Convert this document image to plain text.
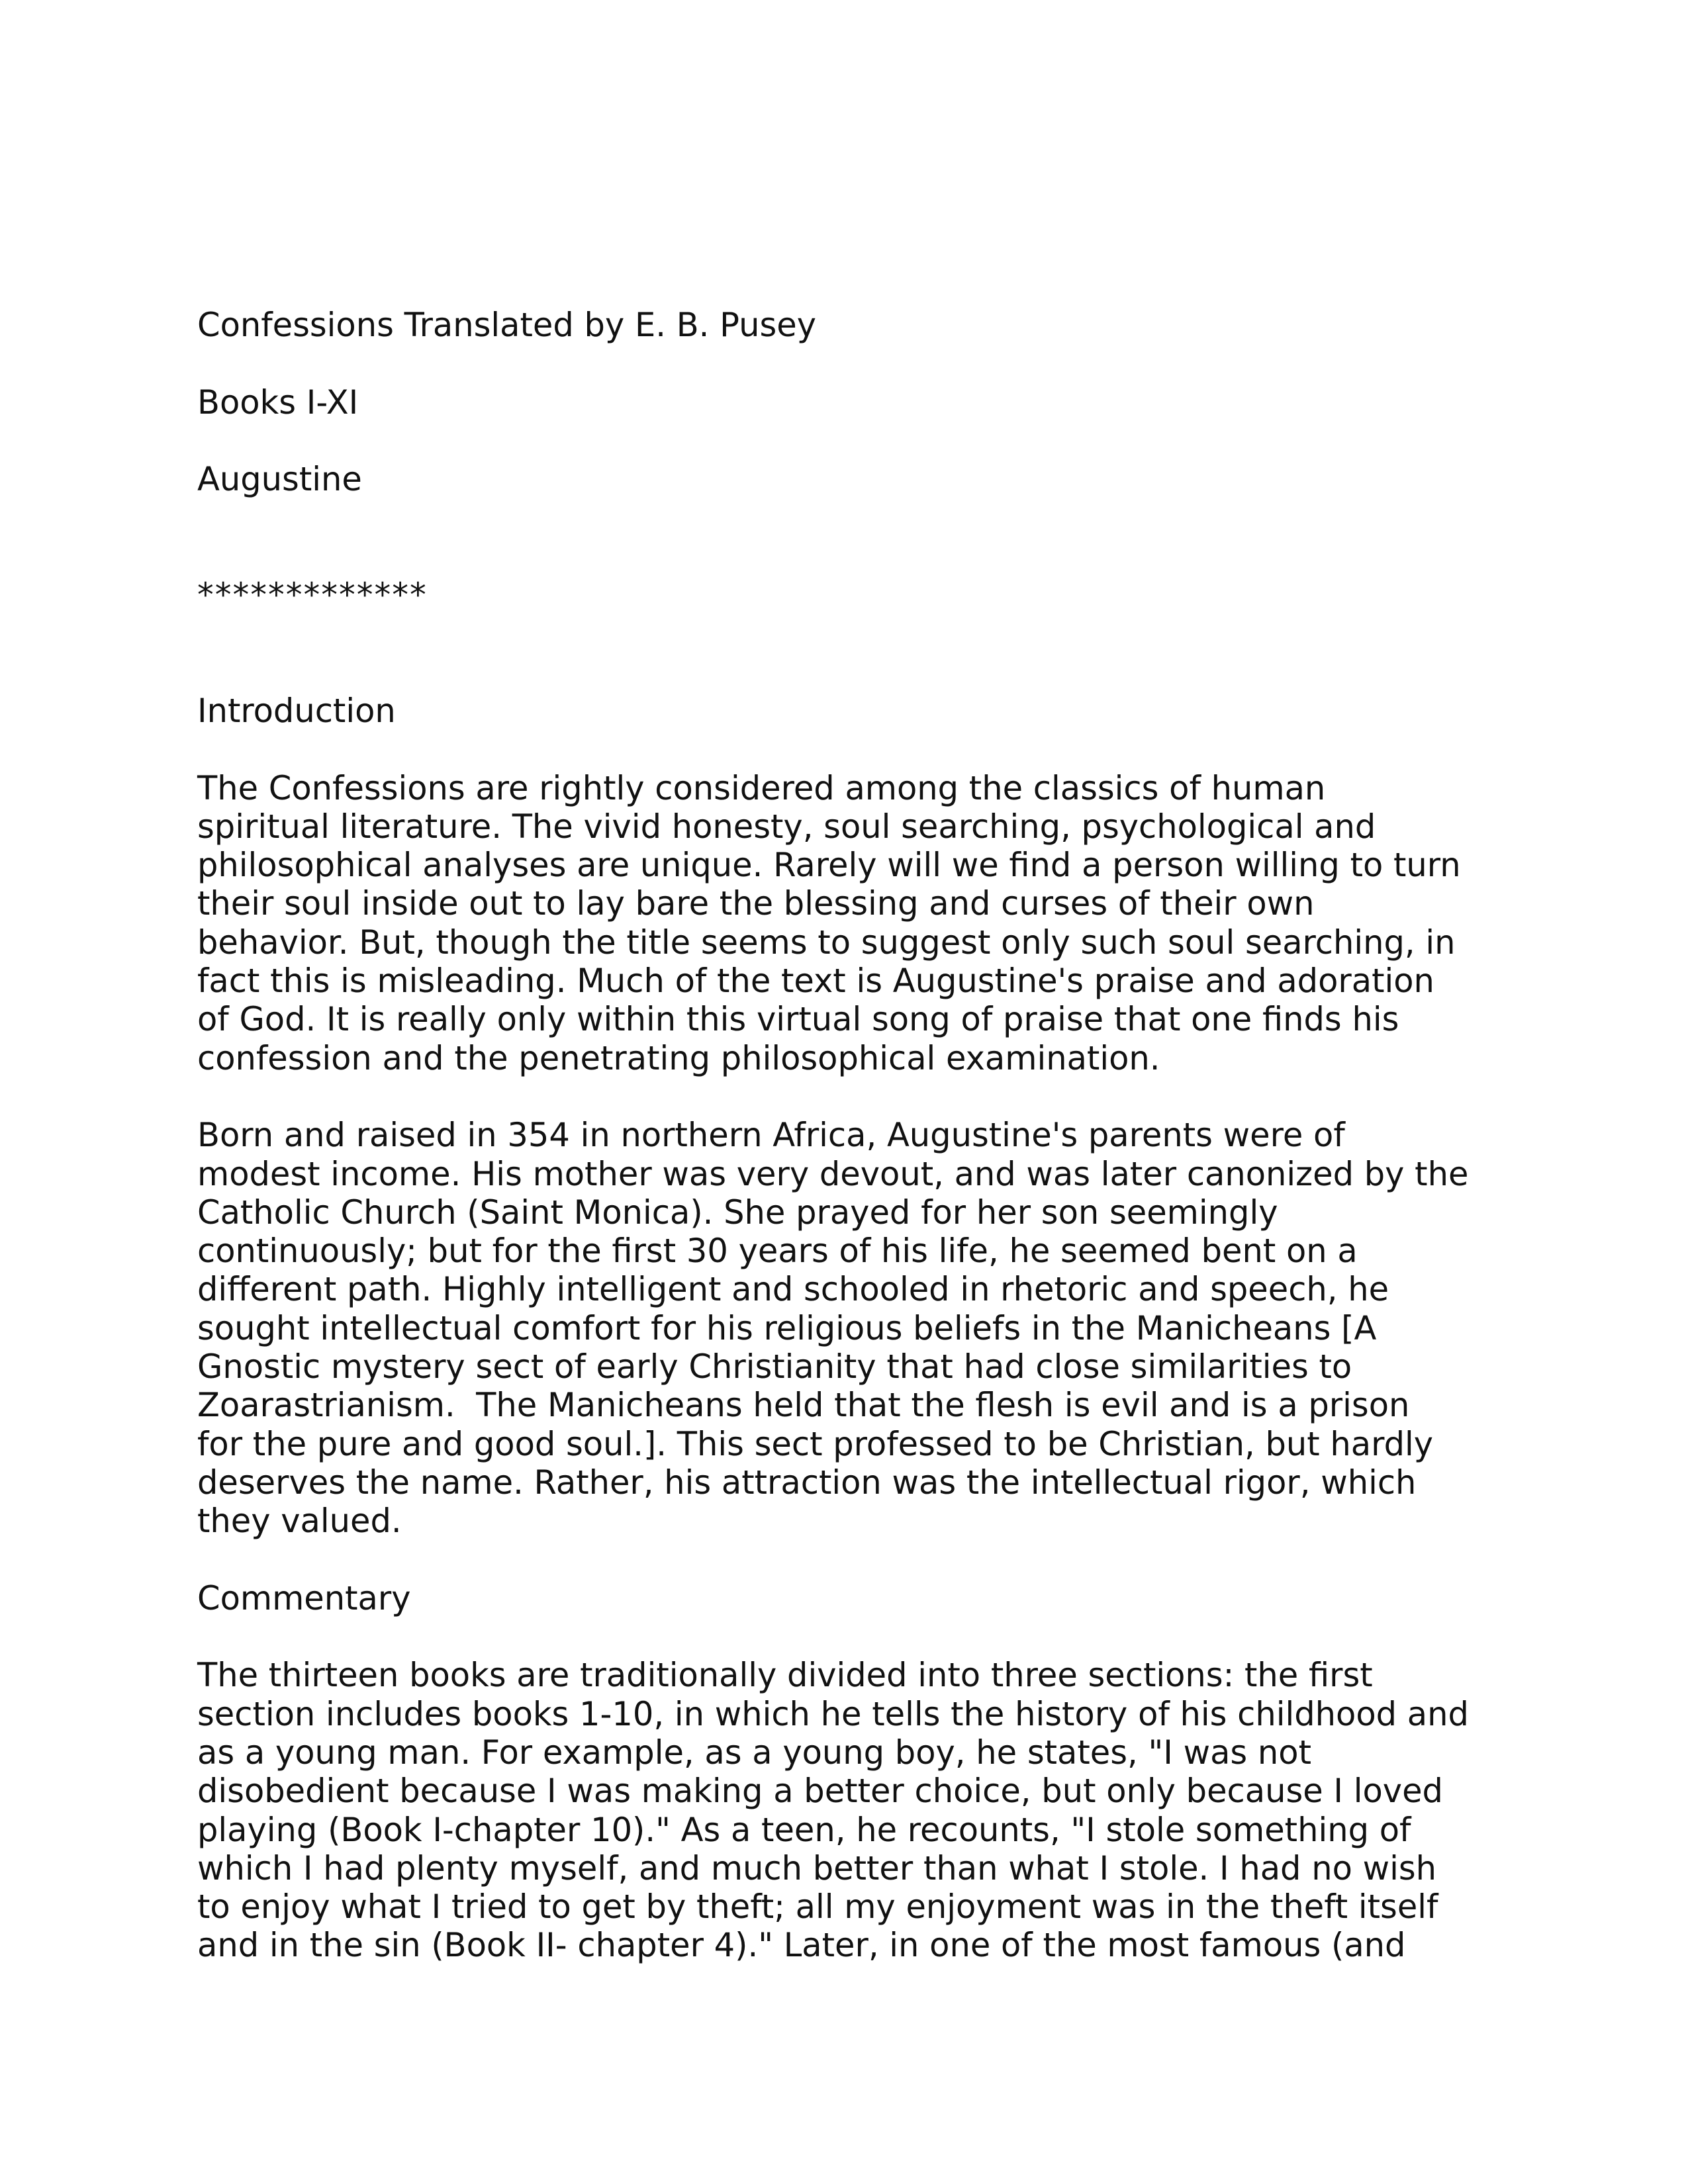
Confessions Translated by E. B. Pusey
Books I-XI
Augustine
*************
Introduction
The Confessions are rightly considered among the classics of human
spiritual literature. The vivid honesty, soul searching, psychological and
philosophical analyses are unique. Rarely will we find a person willing to turn
their soul inside out to lay bare the blessing and curses of their own
behavior. But, though the title seems to suggest only such soul searching, in
fact this is misleading. Much of the text is Augustine's praise and adoration
of God. It is really only within this virtual song of praise that one finds his
confession and the penetrating philosophical examination.
Born and raised in 354 in northern Africa, Augustine's parents were of
modest income. His mother was very devout, and was later canonized by the
Catholic Church (Saint Monica). She prayed for her son seemingly
continuously; but for the first 30 years of his life, he seemed bent on a
different path. Highly intelligent and schooled in rhetoric and speech, he
sought intellectual comfort for his religious beliefs in the Manicheans [A
Gnostic mystery sect of early Christianity that had close similarities to
Zoarastrianism.  The Manicheans held that the flesh is evil and is a prison
for the pure and good soul.]. This sect professed to be Christian, but hardly
deserves the name. Rather, his attraction was the intellectual rigor, which
they valued.
Commentary
The thirteen books are traditionally divided into three sections: the first
section includes books 1-10, in which he tells the history of his childhood and
as a young man. For example, as a young boy, he states, "I was not
disobedient because I was making a better choice, but only because I loved
playing (Book I-chapter 10)." As a teen, he recounts, "I stole something of
which I had plenty myself, and much better than what I stole. I had no wish
to enjoy what I tried to get by theft; all my enjoyment was in the theft itself
and in the sin (Book II- chapter 4)." Later, in one of the most famous (and
